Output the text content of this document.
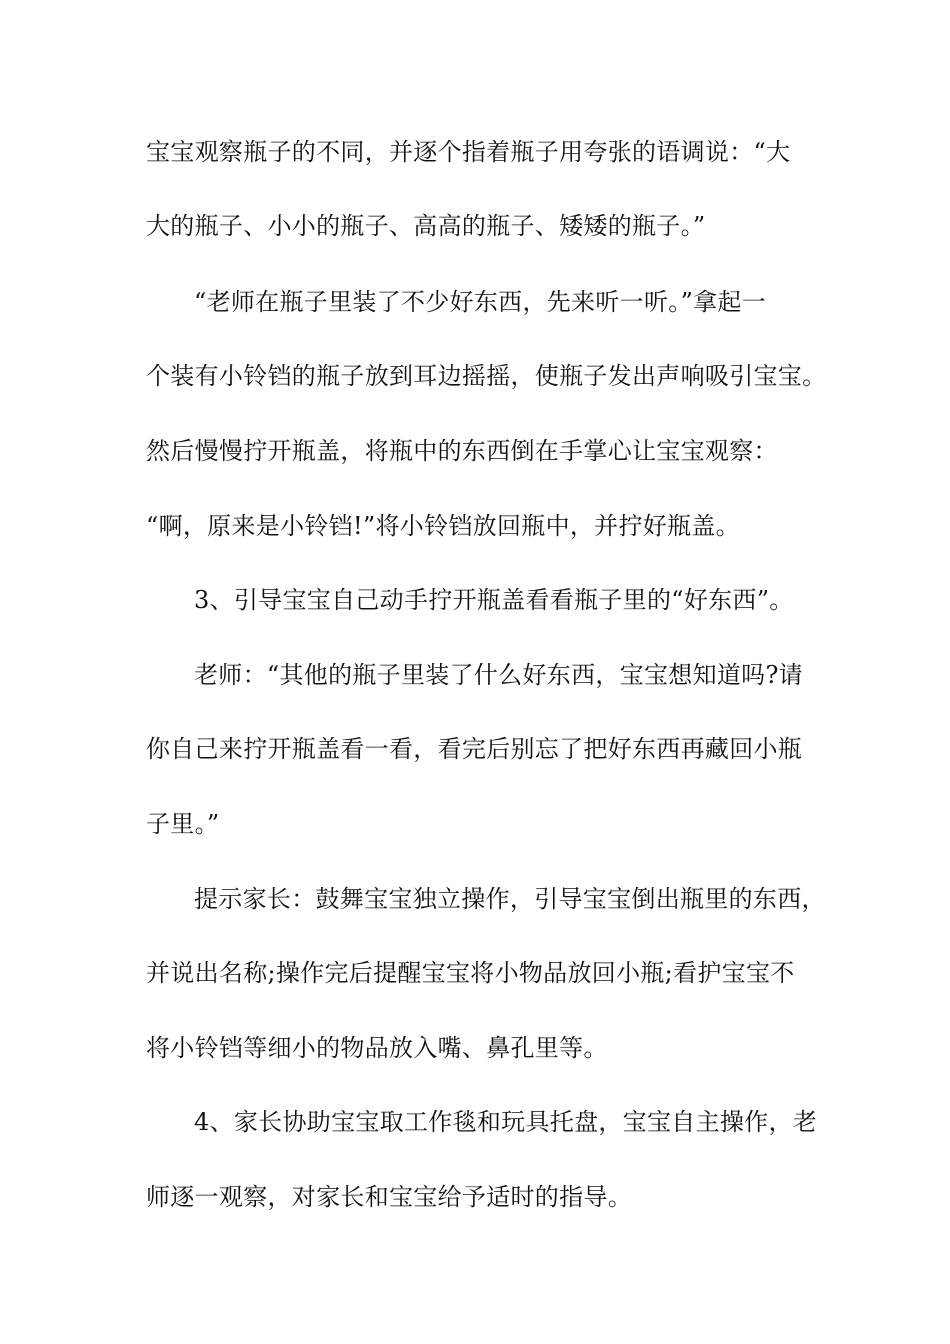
宝宝观察瓶子的不同，并逐个指着瓶子用夸张的语调说：“大
大的瓶子、小小的瓶子、高高的瓶子、矮矮的瓶子。”
“老师在瓶子里装了不少好东西，先来听一听。”拿起一
个装有小铃铛的瓶子放到耳边摇摇，使瓶子发出声响吸引宝宝。
然后慢慢拧开瓶盖，将瓶中的东西倒在手掌心让宝宝观察：
“啊，原来是小铃铛!”将小铃铛放回瓶中，并拧好瓶盖。
3、引导宝宝自己动手拧开瓶盖看看瓶子里的“好东西”。
老师：“其他的瓶子里装了什么好东西，宝宝想知道吗?请
你自己来拧开瓶盖看一看，看完后别忘了把好东西再藏回小瓶
子里。”
提示家长：鼓舞宝宝独立操作，引导宝宝倒出瓶里的东西，
并说出名称;操作完后提醒宝宝将小物品放回小瓶;看护宝宝不
将小铃铛等细小的物品放入嘴、鼻孔里等。
4、家长协助宝宝取工作毯和玩具托盘，宝宝自主操作，老
师逐一观察，对家长和宝宝给予适时的指导。
